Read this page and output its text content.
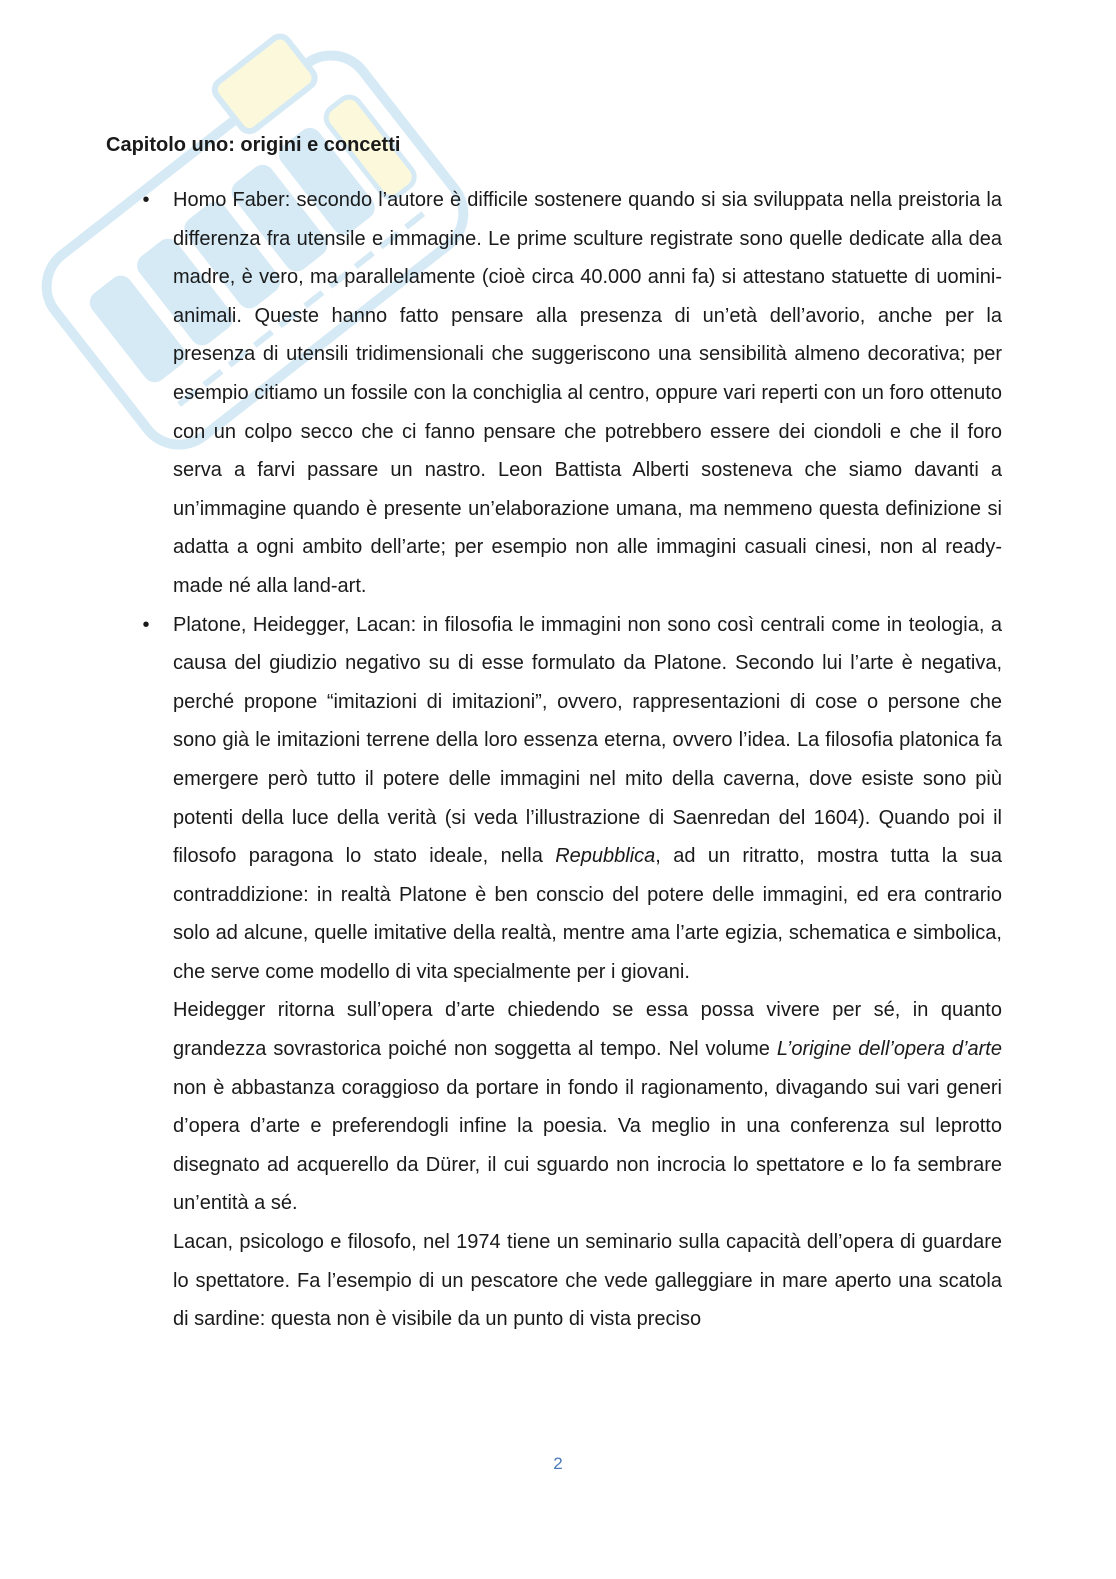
Capitolo uno: origini e concetti
• Homo Faber: secondo l’autore è difficile sostenere quando si sia sviluppata nella preistoria la differenza fra utensile e immagine. Le prime sculture registrate sono quelle dedicate alla dea madre, è vero, ma parallelamente (cioè circa 40.000 anni fa) si attestano statuette di uomini-animali. Queste hanno fatto pensare alla presenza di un’età dell’avorio, anche per la presenza di utensili tridimensionali che suggeriscono una sensibilità almeno decorativa; per esempio citiamo un fossile con la conchiglia al centro, oppure vari reperti con un foro ottenuto con un colpo secco che ci fanno pensare che potrebbero essere dei ciondoli e che il foro serva a farvi passare un nastro. Leon Battista Alberti sosteneva che siamo davanti a un’immagine quando è presente un’elaborazione umana, ma nemmeno questa definizione si adatta a ogni ambito dell’arte; per esempio non alle immagini casuali cinesi, non al ready-made né alla land-art.

• Platone, Heidegger, Lacan: in filosofia le immagini non sono così centrali come in teologia, a causa del giudizio negativo su di esse formulato da Platone. Secondo lui l’arte è negativa, perché propone “imitazioni di imitazioni”, ovvero, rappresentazioni di cose o persone che sono già le imitazioni terrene della loro essenza eterna, ovvero l’idea. La filosofia platonica fa emergere però tutto il potere delle immagini nel mito della caverna, dove esiste sono più potenti della luce della verità (si veda l’illustrazione di Saenredan del 1604). Quando poi il filosofo paragona lo stato ideale, nella Repubblica, ad un ritratto, mostra tutta la sua contraddizione: in realtà Platone è ben conscio del potere delle immagini, ed era contrario solo ad alcune, quelle imitative della realtà, mentre ama l’arte egizia, schematica e simbolica, che serve come modello di vita specialmente per i giovani.

Heidegger ritorna sull’opera d’arte chiedendo se essa possa vivere per sé, in quanto grandezza sovrastorica poiché non soggetta al tempo. Nel volume L’origine dell’opera d’arte non è abbastanza coraggioso da portare in fondo il ragionamento, divagando sui vari generi d’opera d’arte e preferendogli infine la poesia. Va meglio in una conferenza sul leprotto disegnato ad acquerello da Dürer, il cui sguardo non incrocia lo spettatore e lo fa sembrare un’entità a sé.

Lacan, psicologo e filosofo, nel 1974 tiene un seminario sulla capacità dell’opera di guardare lo spettatore. Fa l’esempio di un pescatore che vede galleggiare in mare aperto una scatola di sardine: questa non è visibile da un punto di vista preciso

2
